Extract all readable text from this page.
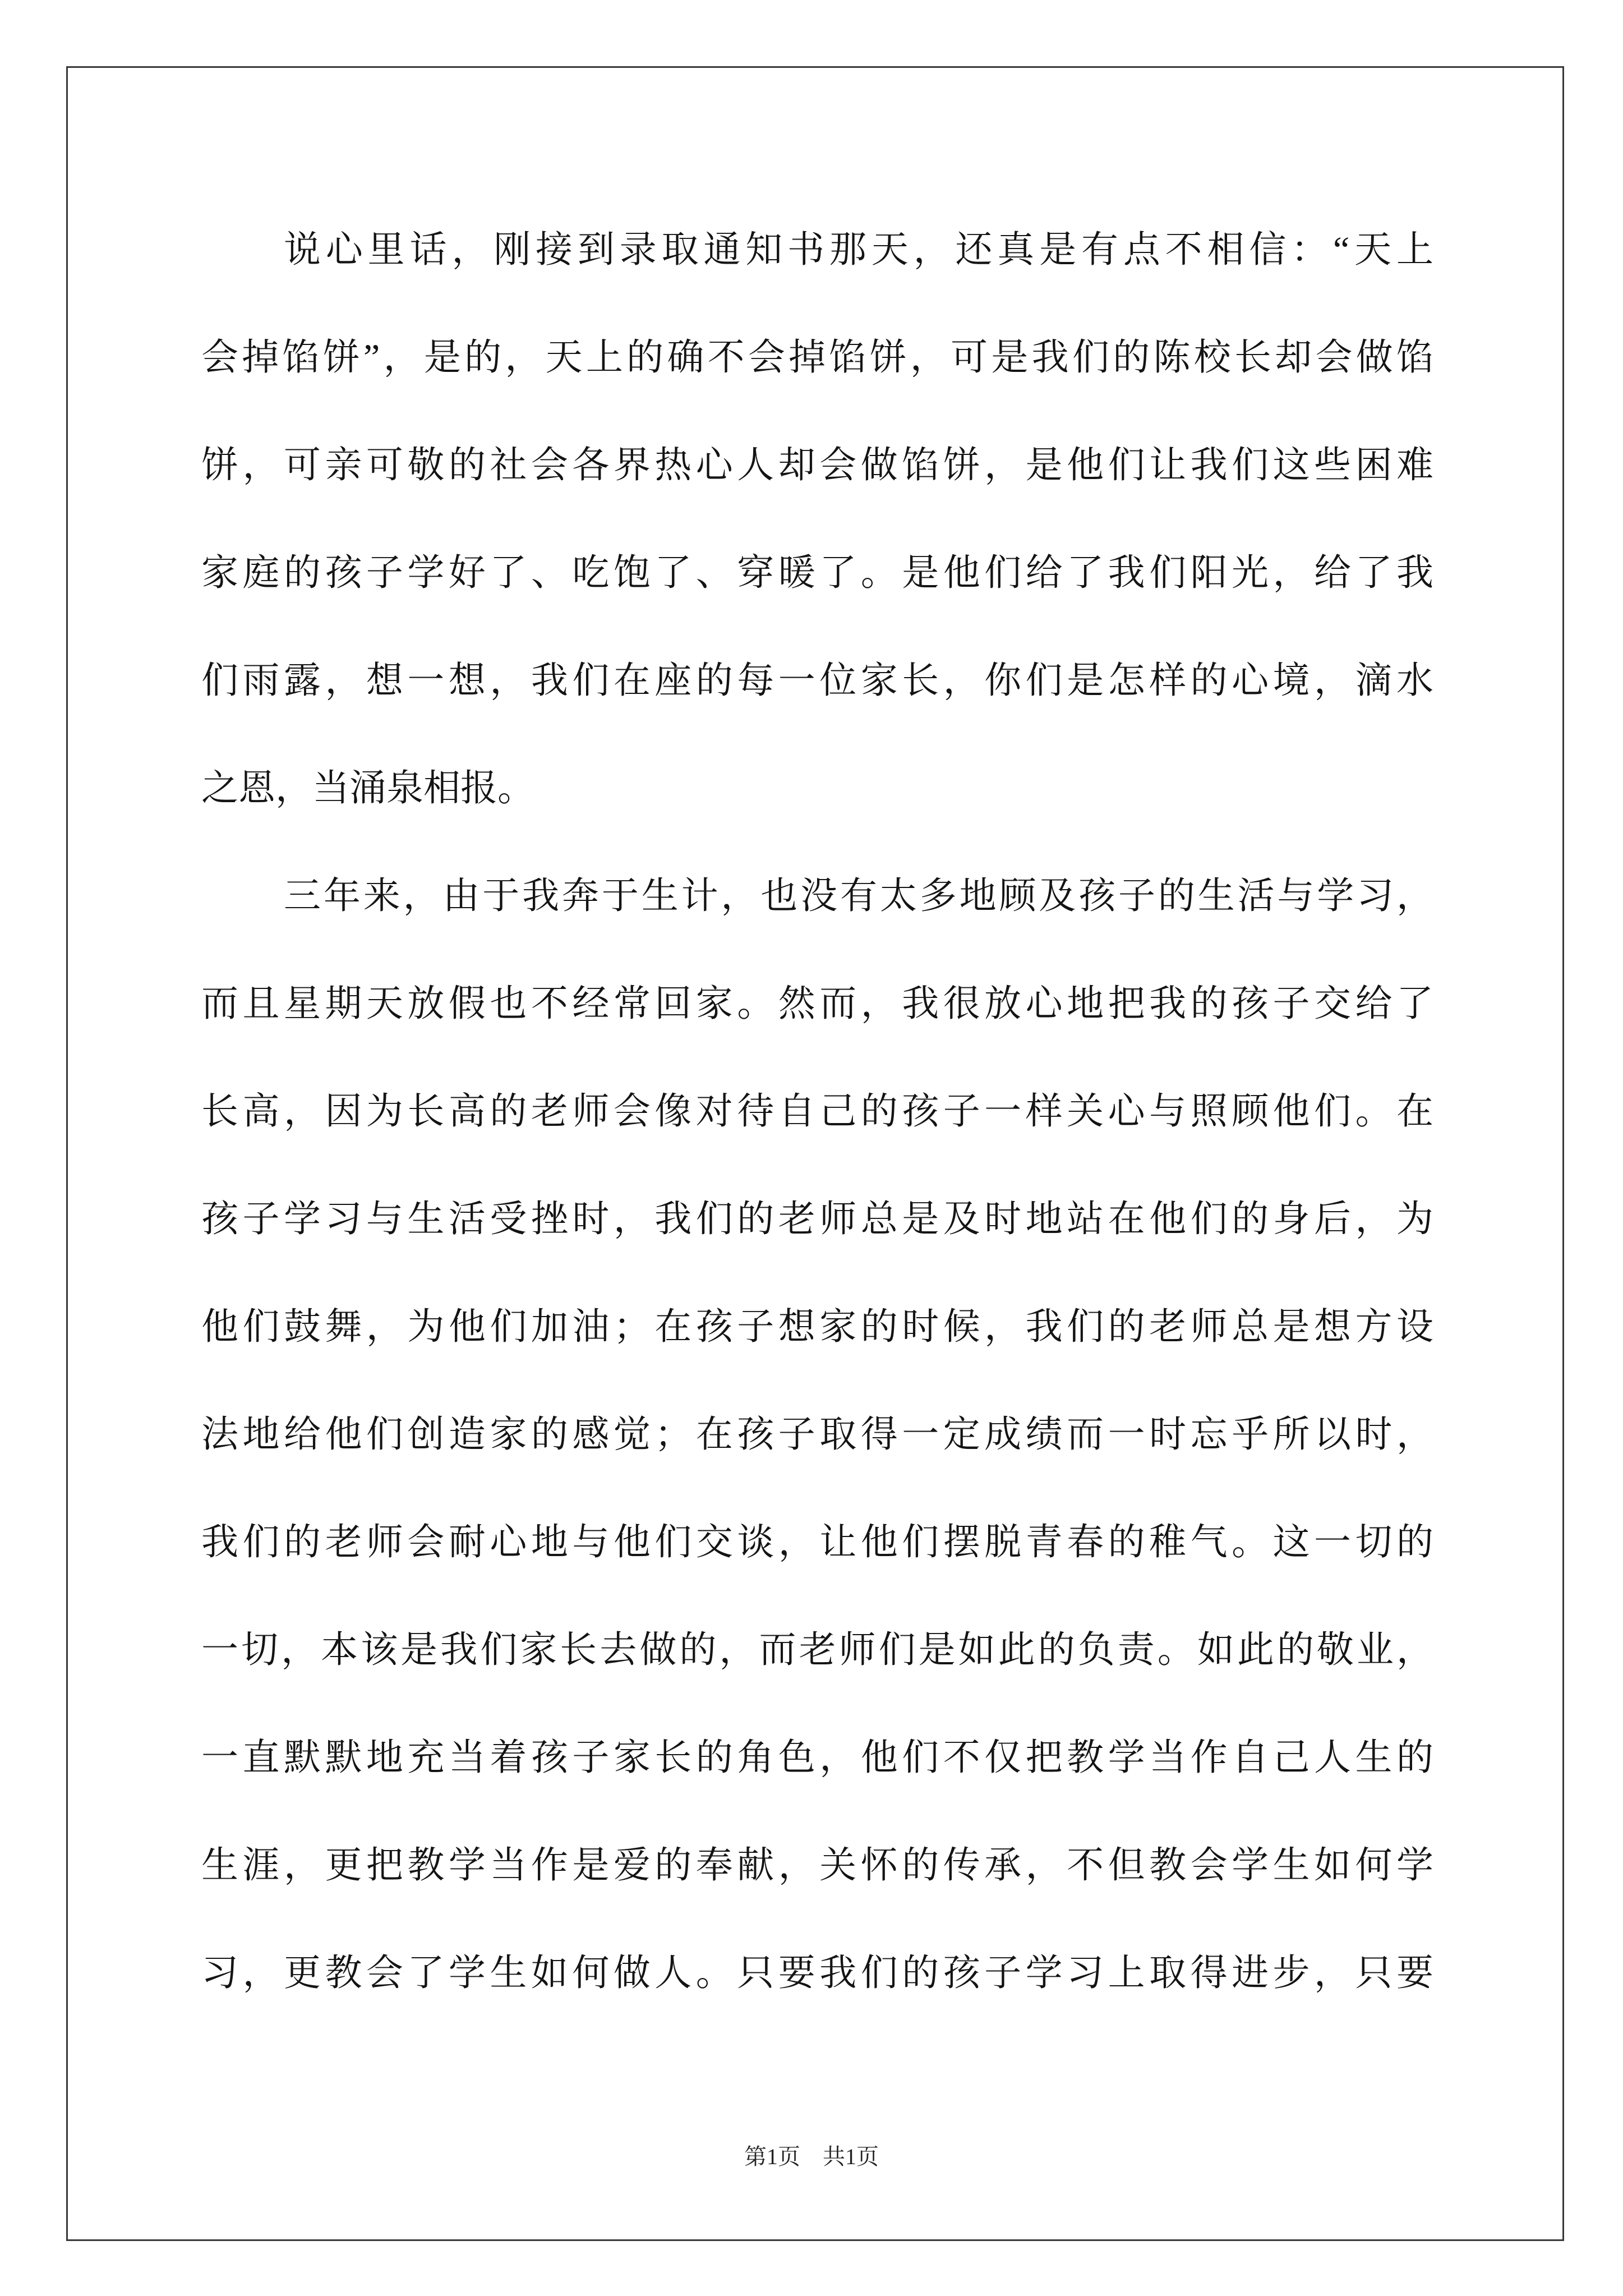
说心里话，刚接到录取通知书那天，还真是有点不相信：“天上
会掉馅饼”，是的，天上的确不会掉馅饼，可是我们的陈校长却会做馅
饼，可亲可敬的社会各界热心人却会做馅饼，是他们让我们这些困难
家庭的孩子学好了、吃饱了、穿暖了。是他们给了我们阳光，给了我
们雨露，想一想，我们在座的每一位家长，你们是怎样的心境，滴水
之恩，当涌泉相报。
三年来，由于我奔于生计，也没有太多地顾及孩子的生活与学习，
而且星期天放假也不经常回家。然而，我很放心地把我的孩子交给了
长高，因为长高的老师会像对待自己的孩子一样关心与照顾他们。在
孩子学习与生活受挫时，我们的老师总是及时地站在他们的身后，为
他们鼓舞，为他们加油；在孩子想家的时候，我们的老师总是想方设
法地给他们创造家的感觉；在孩子取得一定成绩而一时忘乎所以时，
我们的老师会耐心地与他们交谈，让他们摆脱青春的稚气。这一切的
一切，本该是我们家长去做的，而老师们是如此的负责。如此的敬业，
一直默默地充当着孩子家长的角色，他们不仅把教学当作自己人生的
生涯，更把教学当作是爱的奉献，关怀的传承，不但教会学生如何学
习，更教会了学生如何做人。只要我们的孩子学习上取得进步，只要
第1页　共1页
